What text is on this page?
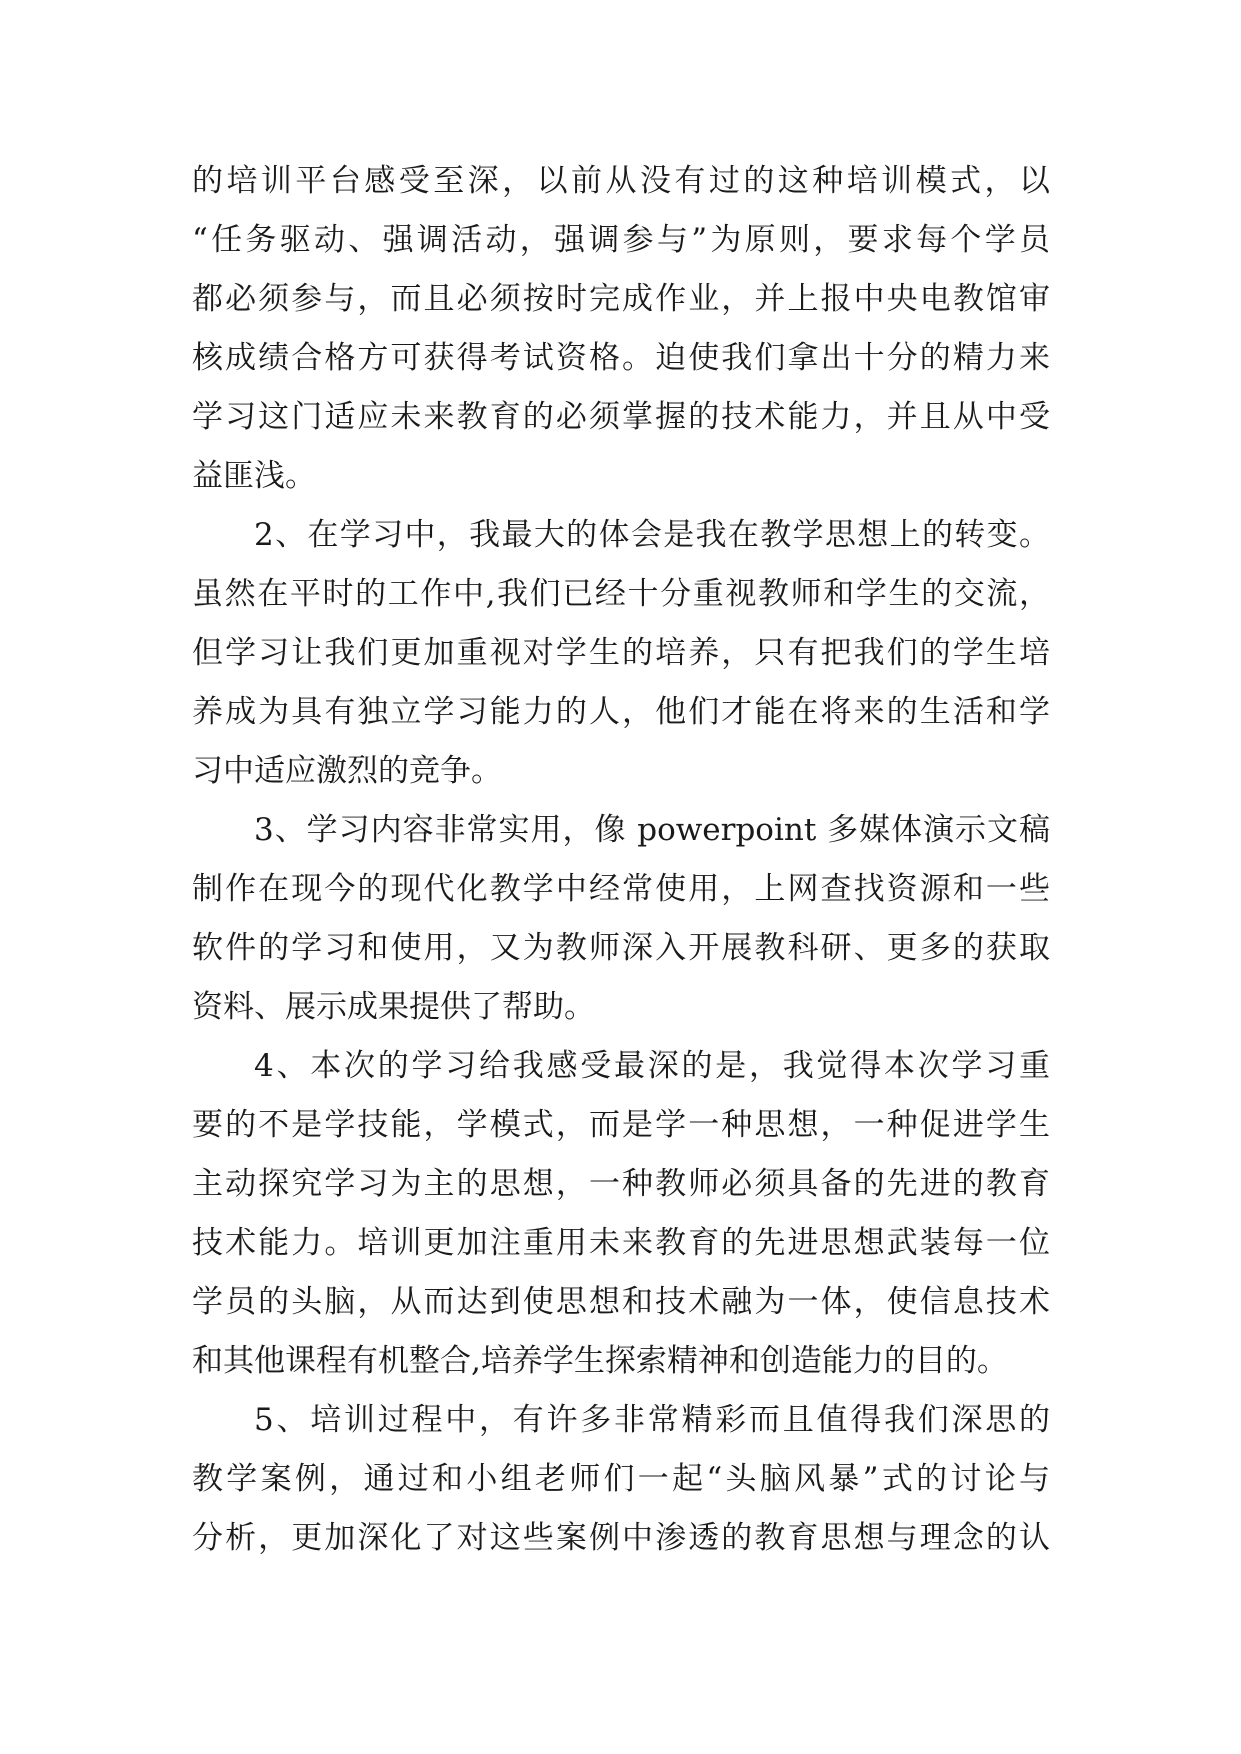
的培训平台感受至深，以前从没有过的这种培训模式，以
“任务驱动、强调活动，强调参与”为原则，要求每个学员
都必须参与，而且必须按时完成作业，并上报中央电教馆审
核成绩合格方可获得考试资格。迫使我们拿出十分的精力来
学习这门适应未来教育的必须掌握的技术能力，并且从中受
益匪浅。
2、在学习中，我最大的体会是我在教学思想上的转变。
虽然在平时的工作中,我们已经十分重视教师和学生的交流，
但学习让我们更加重视对学生的培养，只有把我们的学生培
养成为具有独立学习能力的人，他们才能在将来的生活和学
习中适应激烈的竞争。
3、学习内容非常实用，像 powerpoint 多媒体演示文稿
制作在现今的现代化教学中经常使用，上网查找资源和一些
软件的学习和使用，又为教师深入开展教科研、更多的获取
资料、展示成果提供了帮助。
4、本次的学习给我感受最深的是，我觉得本次学习重
要的不是学技能，学模式，而是学一种思想，一种促进学生
主动探究学习为主的思想，一种教师必须具备的先进的教育
技术能力。培训更加注重用未来教育的先进思想武装每一位
学员的头脑，从而达到使思想和技术融为一体，使信息技术
和其他课程有机整合,培养学生探索精神和创造能力的目的。
5、培训过程中，有许多非常精彩而且值得我们深思的
教学案例，通过和小组老师们一起“头脑风暴”式的讨论与
分析，更加深化了对这些案例中渗透的教育思想与理念的认
